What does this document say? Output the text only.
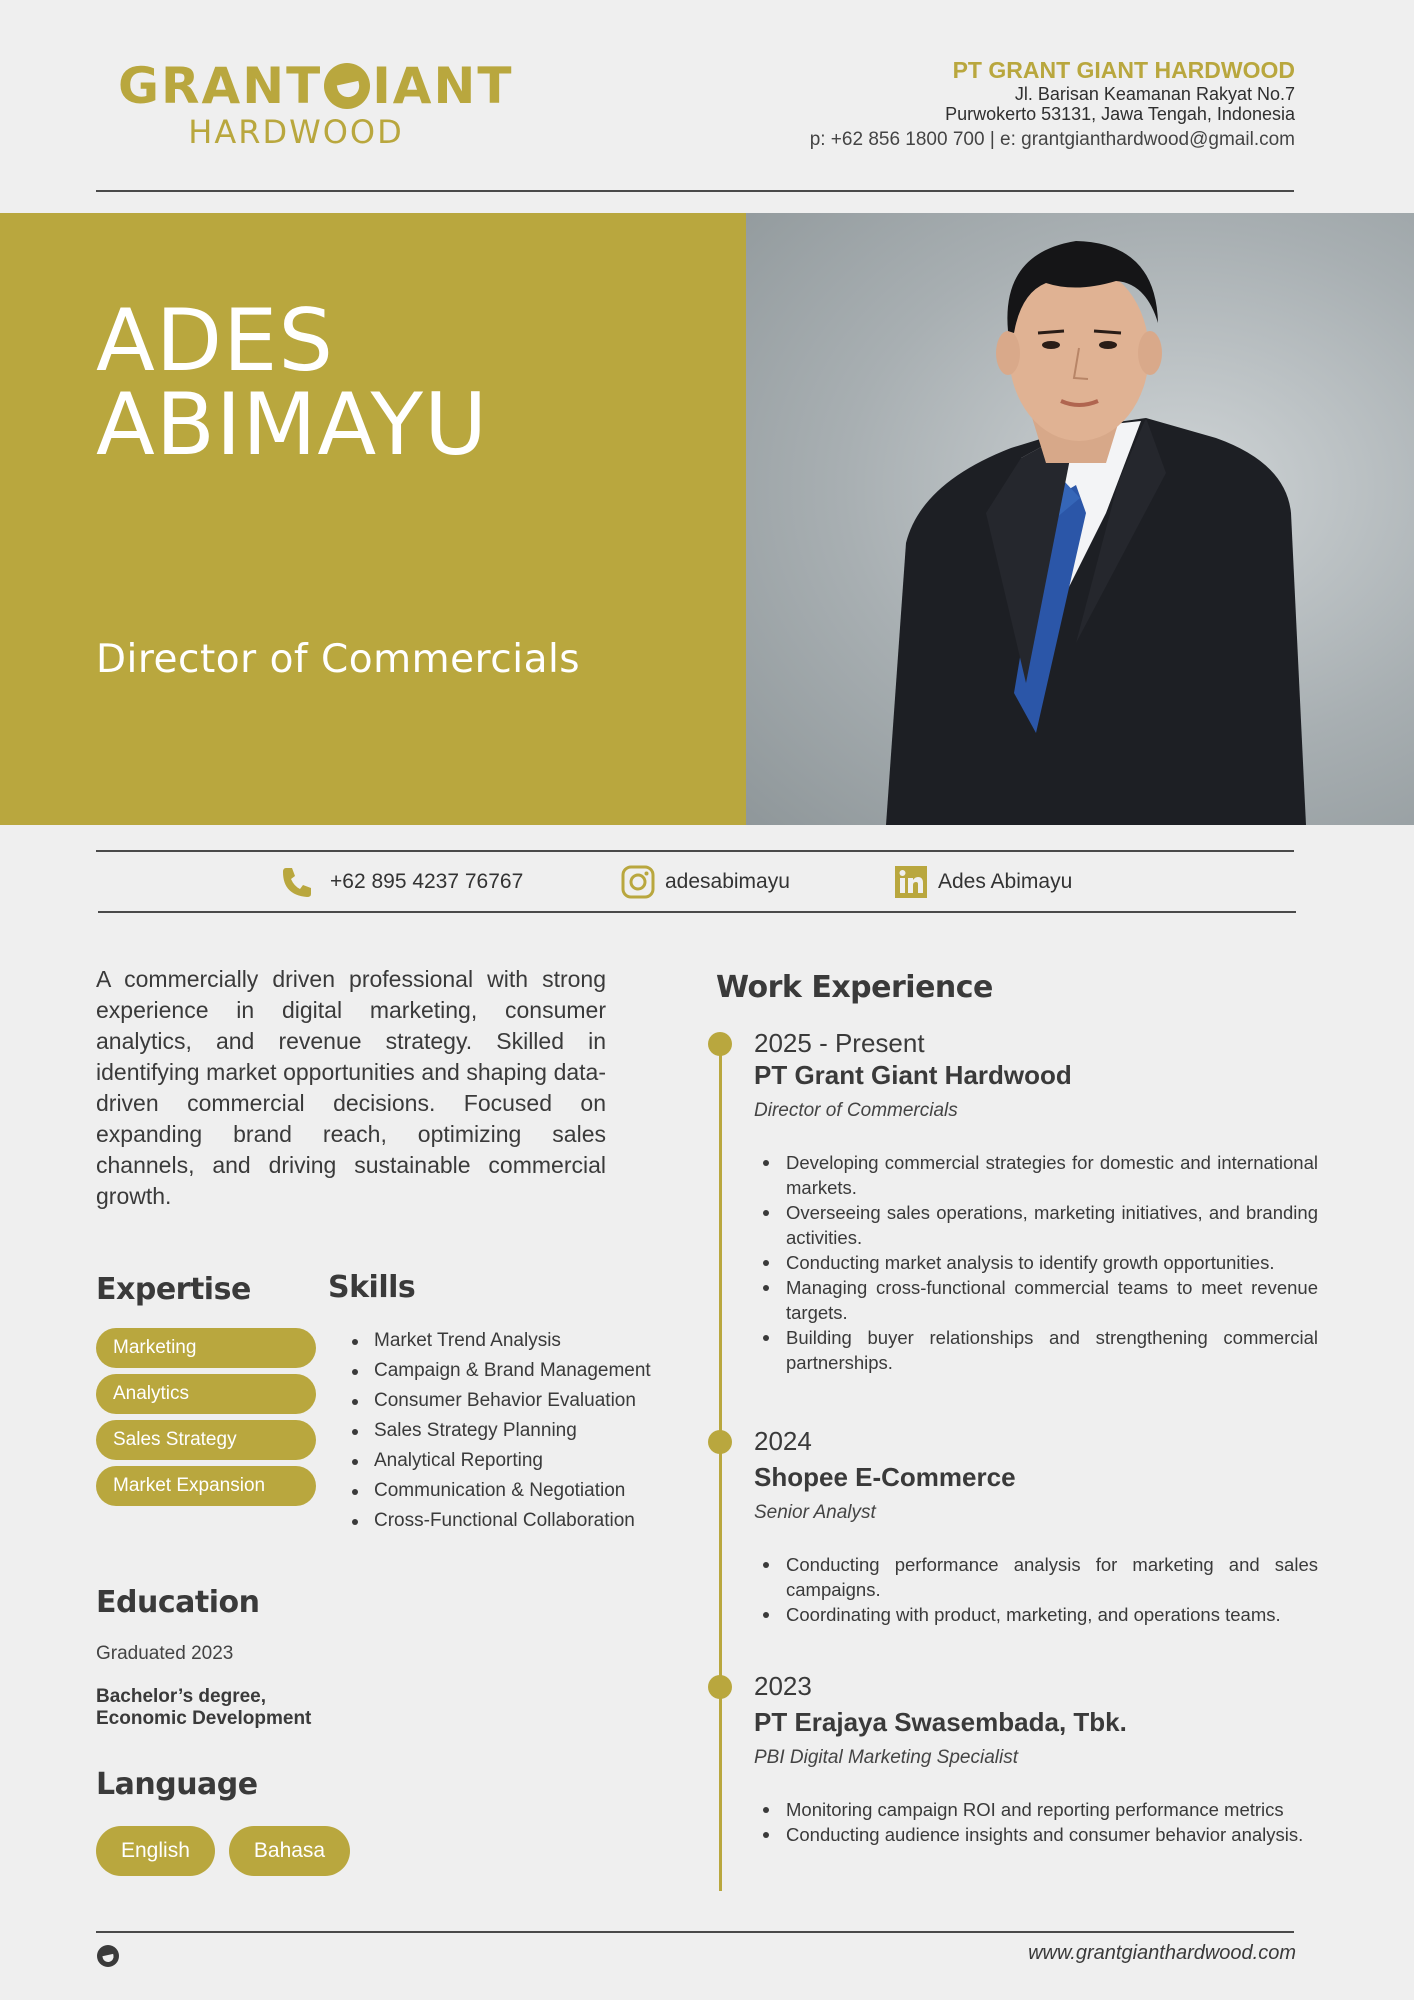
GRANT IANT
HARDWOOD
PT GRANT GIANT HARDWOOD
Jl. Barisan Keamanan Rakyat No.7
Purwokerto 53131, Jawa Tengah, Indonesia
p: +62 856 1800 700 | e: grantgianthardwood@gmail.com
ADES
ABIMAYU
Director of Commercials
+62 895 4237 76767	adesabimayu	Ades Abimayu

A commercially driven professional with strong experience in digital marketing, consumer analytics, and revenue strategy. Skilled in identifying market opportunities and shaping data-driven commercial decisions. Focused on expanding brand reach, optimizing sales channels, and driving sustainable commercial growth.

Expertise
Marketing
Analytics
Sales Strategy
Market Expansion
Skills
Market Trend Analysis
Campaign & Brand Management
Consumer Behavior Evaluation
Sales Strategy Planning
Analytical Reporting
Communication & Negotiation
Cross-Functional Collaboration
Education
Graduated 2023
Bachelor’s degree,
Economic Development
Language
English	Bahasa
Work Experience
2025 - Present
PT Grant Giant Hardwood
Director of Commercials
Developing commercial strategies for domestic and international markets.
Overseeing sales operations, marketing initiatives, and branding activities.
Conducting market analysis to identify growth opportunities.
Managing cross-functional commercial teams to meet revenue targets.
Building buyer relationships and strengthening commercial partnerships.
2024
Shopee E-Commerce
Senior Analyst
Conducting performance analysis for marketing and sales campaigns.
Coordinating with product, marketing, and operations teams.
2023
PT Erajaya Swasembada, Tbk.
PBI Digital Marketing Specialist
Monitoring campaign ROI and reporting performance metrics
Conducting audience insights and consumer behavior analysis.
www.grantgianthardwood.com
